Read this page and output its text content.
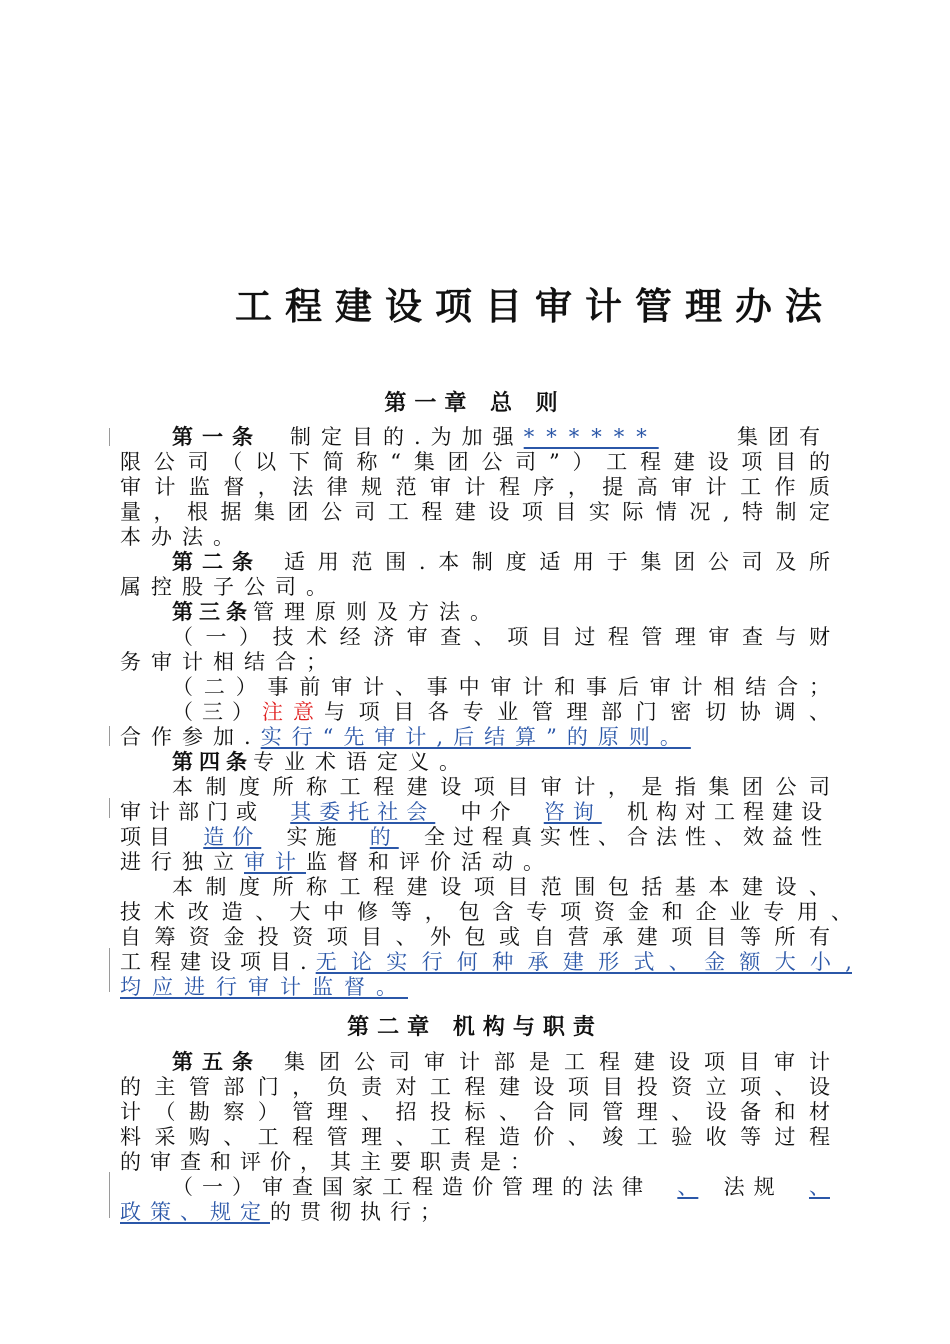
工程建设项目审计管理办法
第一章 总 则
第一条 制定目的.为加强 ******	集团有
限公司（以下简称“集团公司”）工程建设项目的
审计监督，法律规范审计程序，提高审计工作质
量，根据集团公司工程建设项目实际情况,特制定
本办法。
第二条 适用范围.本制度适用于集团公司及所
属控股子公司。
第三条管理原则及方法。
（一）技术经济审查、项目过程管理审查与财
务审计相结合；
（二）事前审计、事中审计和事后审计相结合；
（三） 注意 与项目各专业管理部门密切协调、
合作参加.实行“先审计,后结算”的原则。
第四条专业术语定义。
本制度所称工程建设项目审计，是指集团公司
审计部门或 其委托社会 中介 咨询 机构对工程建设
项目 造价 实施 的 全过程真实性、合法性、效益性
进行独立审计监督和评价活动。
本制度所称工程建设项目范围包括基本建设、
技术改造、大中修等，包含专项资金和企业专用、
自筹资金投资项目、外包或自营承建项目等所有
工程建设项目. 无论实行何种承建形式、金额大小,
均应进行审计监督。
第二章 机构与职责
第五条 集团公司审计部是工程建设项目审计
的主管部门，负责对工程建设项目投资立项、设
计（勘察）管理、招投标、合同管理、设备和材
料采购、工程管理、工程造价、竣工验收等过程
的审查和评价，其主要职责是：
（一）审查国家工程造价管理的法律	、	法规	、
政策、规定的贯彻执行；
